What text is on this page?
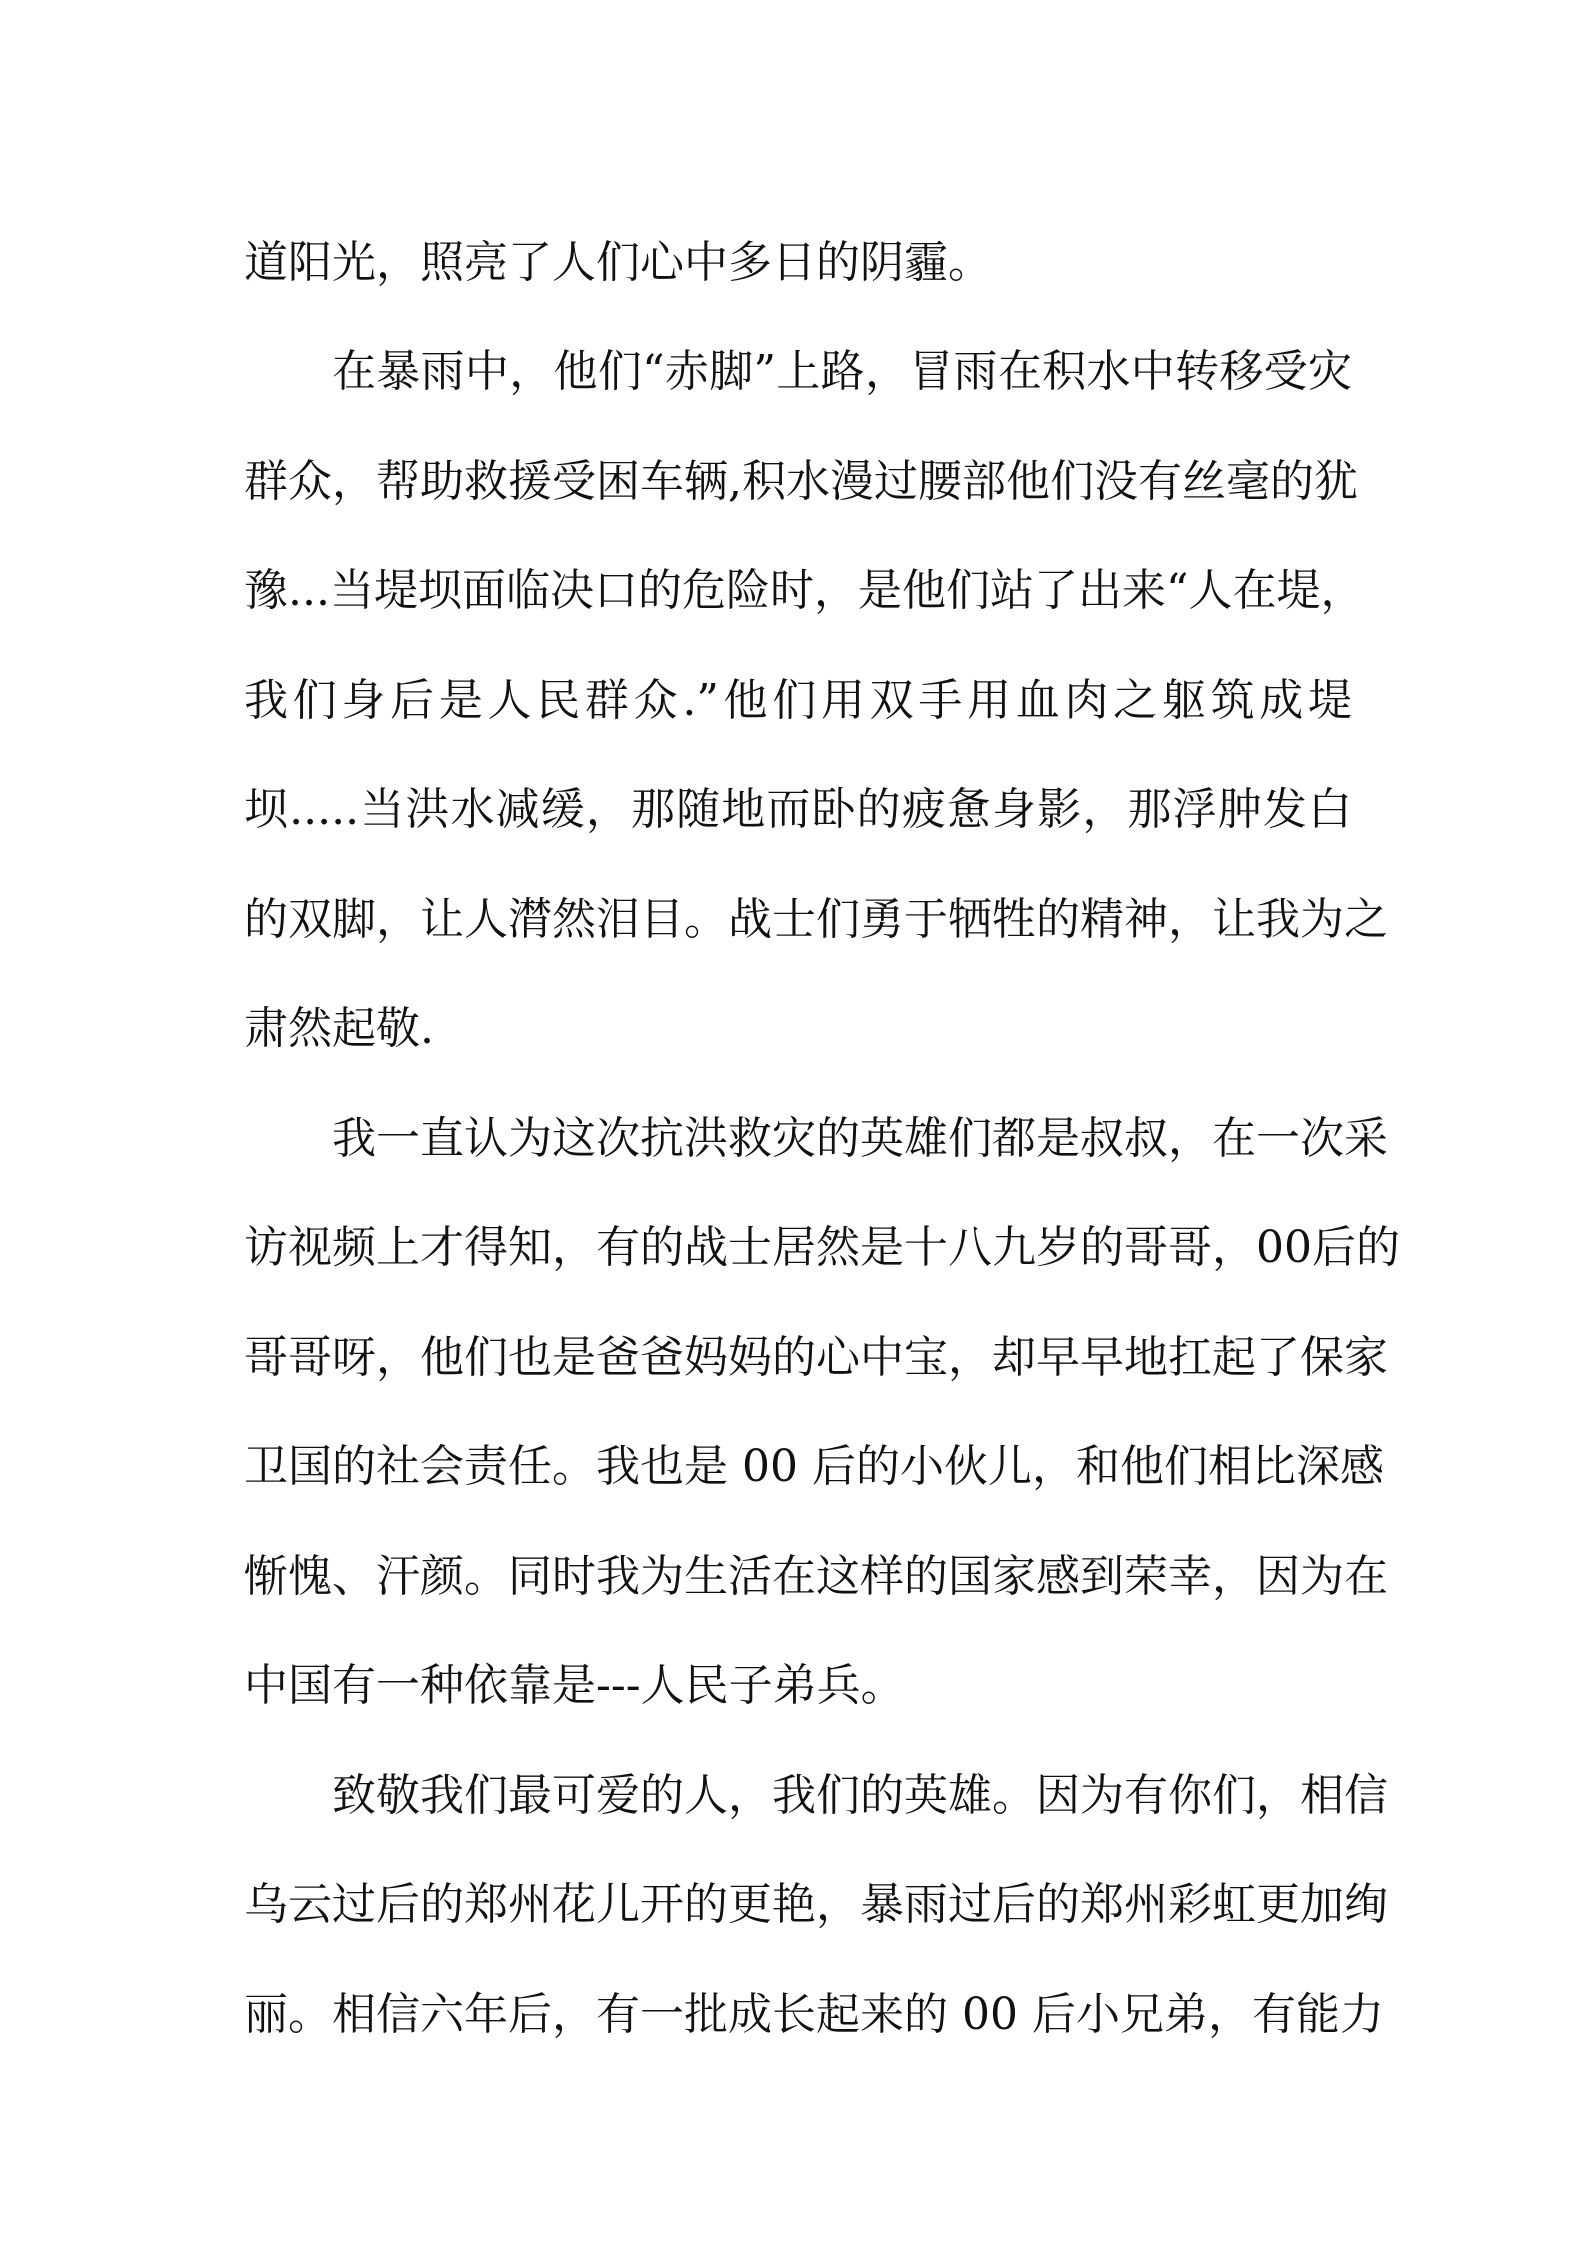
道阳光，照亮了人们心中多日的阴霾。
在暴雨中，他们“赤脚”上路，冒雨在积水中转移受灾
群众，帮助救援受困车辆,积水漫过腰部他们没有丝毫的犹
豫...当堤坝面临决口的危险时，是他们站了出来“人在堤，
我们身后是人民群众.”他们用双手用血肉之躯筑成堤
坝.....当洪水减缓，那随地而卧的疲惫身影，那浮肿发白
的双脚，让人潸然泪目。战士们勇于牺牲的精神，让我为之
肃然起敬.
我一直认为这次抗洪救灾的英雄们都是叔叔，在一次采
访视频上才得知，有的战士居然是十八九岁的哥哥，00后的
哥哥呀，他们也是爸爸妈妈的心中宝，却早早地扛起了保家
卫国的社会责任。我也是 00 后的小伙儿，和他们相比深感
惭愧、汗颜。同时我为生活在这样的国家感到荣幸，因为在
中国有一种依靠是---人民子弟兵。
致敬我们最可爱的人，我们的英雄。因为有你们，相信
乌云过后的郑州花儿开的更艳，暴雨过后的郑州彩虹更加绚
丽。相信六年后，有一批成长起来的 00 后小兄弟，有能力
